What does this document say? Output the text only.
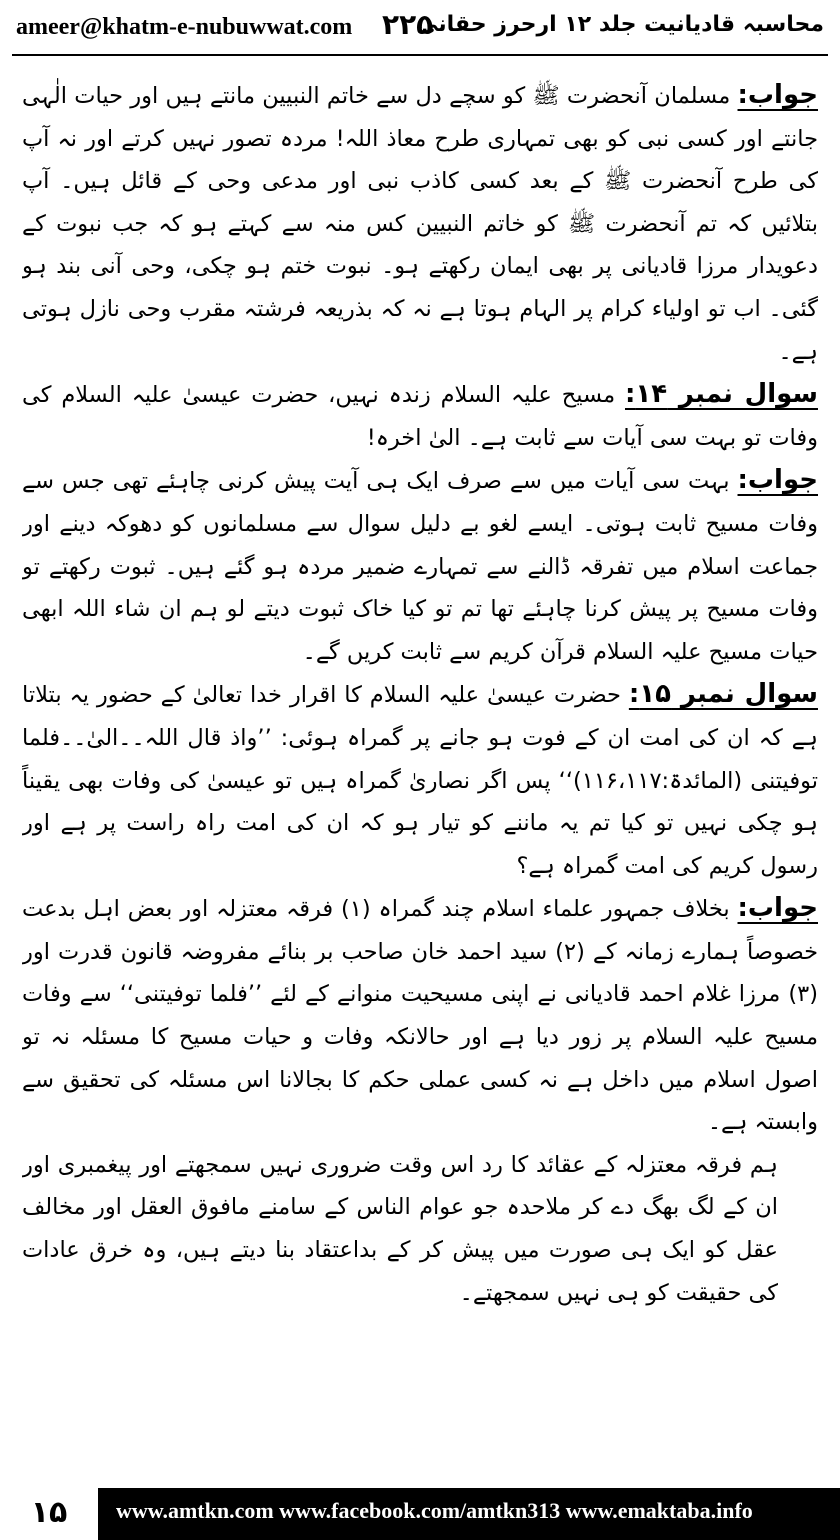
ameer@khatm-e-nubuwwat.com ۲۲۵
محاسبہ قادیانیت جلد ۱۲ ارحرز حقانی

جواب: مسلمان آنحضرت ﷺ کو سچے دل سے خاتم النبیین مانتے ہیں اور حیات الٰہی جانتے اور کسی نبی کو بھی تمہاری طرح معاذ اللہ! مردہ تصور نہیں کرتے اور نہ آپ کی طرح آنحضرت ﷺ کے بعد کسی کاذب نبی اور مدعی وحی کے قائل ہیں۔ آپ بتلائیں کہ تم آنحضرت ﷺ کو خاتم النبیین کس منہ سے کہتے ہو کہ جب نبوت کے دعویدار مرزا قادیانی پر بھی ایمان رکھتے ہو۔ نبوت ختم ہو چکی، وحی آنی بند ہو گئی۔ اب تو اولیاء کرام پر الہام ہوتا ہے نہ کہ بذریعہ فرشتہ مقرب وحی نازل ہوتی ہے۔

سوال نمبر ۱۴: مسیح علیہ السلام زندہ نہیں، حضرت عیسیٰ علیہ السلام کی وفات تو بہت سی آیات سے ثابت ہے۔ الیٰ اخرہ!

جواب: بہت سی آیات میں سے صرف ایک ہی آیت پیش کرنی چاہئے تھی جس سے وفات مسیح ثابت ہوتی۔ ایسے لغو بے دلیل سوال سے مسلمانوں کو دھوکہ دینے اور جماعت اسلام میں تفرقہ ڈالنے سے تمہارے ضمیر مردہ ہو گئے ہیں۔ ثبوت رکھتے تو وفات مسیح پر پیش کرنا چاہئے تھا تم تو کیا خاک ثبوت دیتے لو ہم ان شاء اللہ ابھی حیات مسیح علیہ السلام قرآن کریم سے ثابت کریں گے۔

سوال نمبر ۱۵: حضرت عیسیٰ علیہ السلام کا اقرار خدا تعالیٰ کے حضور یہ بتلاتا ہے کہ ان کی امت ان کے فوت ہو جانے پر گمراہ ہوئی: ’’واذ قال اللہ۔۔الیٰ۔۔فلما توفیتنی (المائدۃ:۱۱۶،۱۱۷)‘‘ پس اگر نصاریٰ گمراہ ہیں تو عیسیٰ کی وفات بھی یقیناً ہو چکی نہیں تو کیا تم یہ ماننے کو تیار ہو کہ ان کی امت راہ راست پر ہے اور رسول کریم کی امت گمراہ ہے؟

جواب: بخلاف جمہور علماء اسلام چند گمراہ (۱) فرقہ معتزلہ اور بعض اہل بدعت خصوصاً ہمارے زمانہ کے (۲) سید احمد خان صاحب بر بنائے مفروضہ قانون قدرت اور (۳) مرزا غلام احمد قادیانی نے اپنی مسیحیت منوانے کے لئے ’’فلما توفیتنی‘‘ سے وفات مسیح علیہ السلام پر زور دیا ہے اور حالانکہ وفات و حیات مسیح کا مسئلہ نہ تو اصول اسلام میں داخل ہے نہ کسی عملی حکم کا بجالانا اس مسئلہ کی تحقیق سے وابستہ ہے۔

ہم فرقہ معتزلہ کے عقائد کا رد اس وقت ضروری نہیں سمجھتے اور پیغمبری اور ان کے لگ بھگ دے کر ملاحدہ جو عوام الناس کے سامنے مافوق العقل اور مخالف عقل کو ایک ہی صورت میں پیش کر کے بداعتقاد بنا دیتے ہیں، وہ خرق عادات کی حقیقت کو ہی نہیں سمجھتے۔

۱۵	www.amtkn.com www.facebook.com/amtkn313 www.emaktaba.info
